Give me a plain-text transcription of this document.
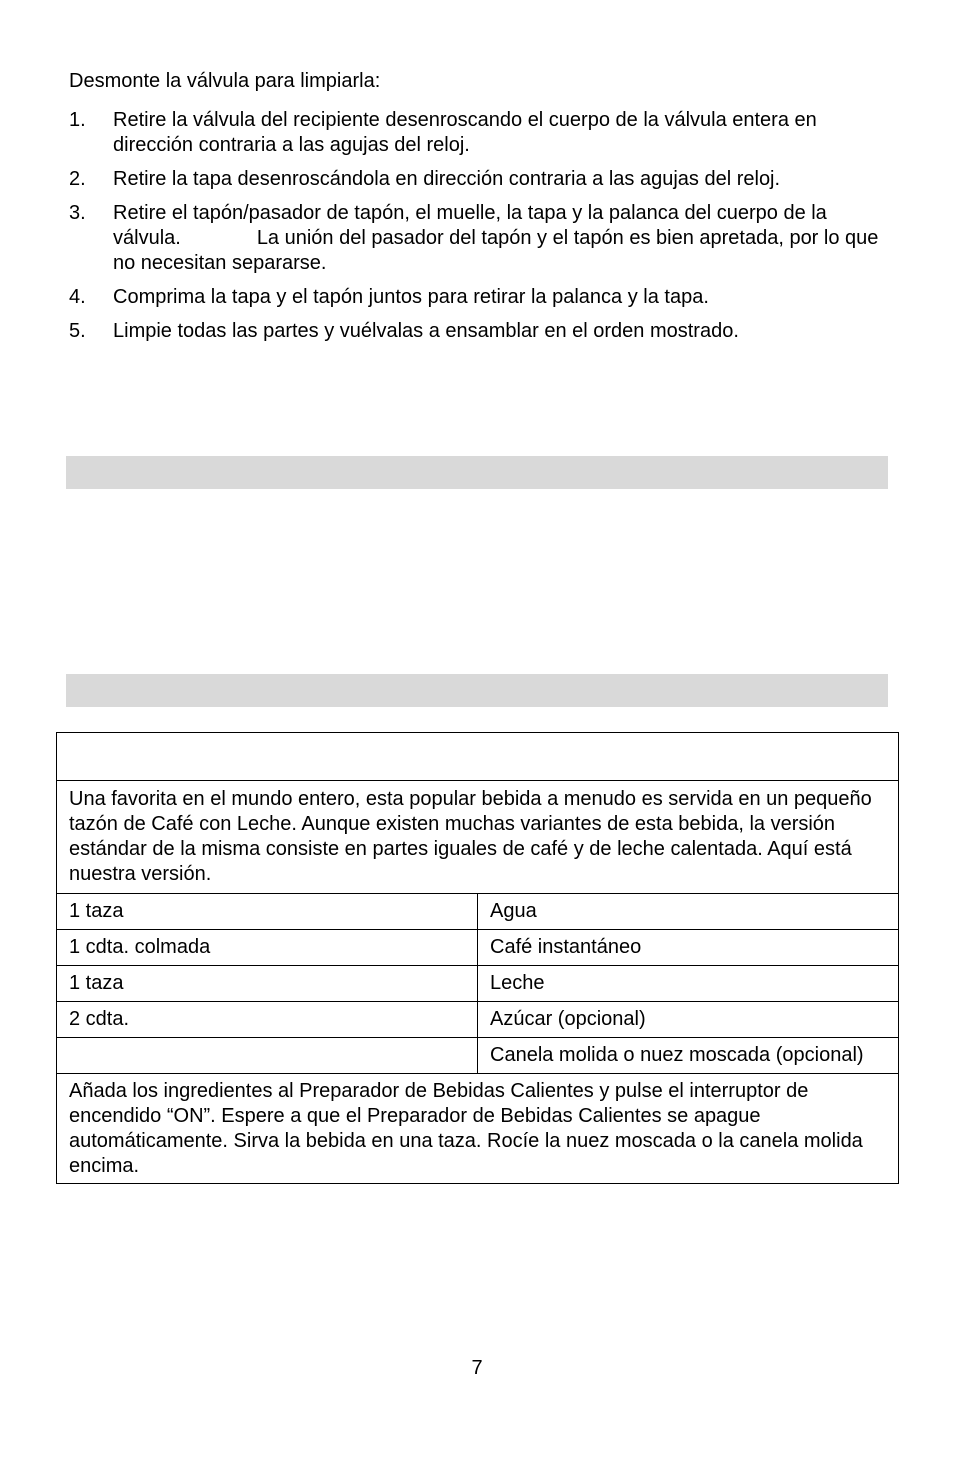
Desmonte la válvula para limpiarla:

1.	Retire la válvula del recipiente desenroscando el cuerpo de la válvula entera en dirección contraria a las agujas del reloj.
2.	Retire la tapa desenroscándola en dirección contraria a las agujas del reloj.
3.	Retire el tapón/pasador de tapón, el muelle, la tapa y la palanca del cuerpo de la válvula.	La unión del pasador del tapón y el tapón es bien apretada, por lo que no necesitan separarse.
4.	Comprima la tapa y el tapón juntos para retirar la palanca y la tapa.
5.	Limpie todas las partes y vuélvalas a ensamblar en el orden mostrado.

Una favorita en el mundo entero, esta popular bebida a menudo es servida en un pequeño tazón de Café con Leche. Aunque existen muchas variantes de esta bebida, la versión estándar de la misma consiste en partes iguales de café y de leche calentada. Aquí está nuestra versión.	
1 taza	Agua
1 cdta. colmada	Café instantáneo
1 taza	Leche
2 cdta.	Azúcar (opcional)
	Canela molida o nuez moscada (opcional)
Añada los ingredientes al Preparador de Bebidas Calientes y pulse el interruptor de encendido “ON”. Espere a que el Preparador de Bebidas Calientes se apague automáticamente. Sirva la bebida en una taza. Rocíe la nuez moscada o la canela molida encima.	
7
